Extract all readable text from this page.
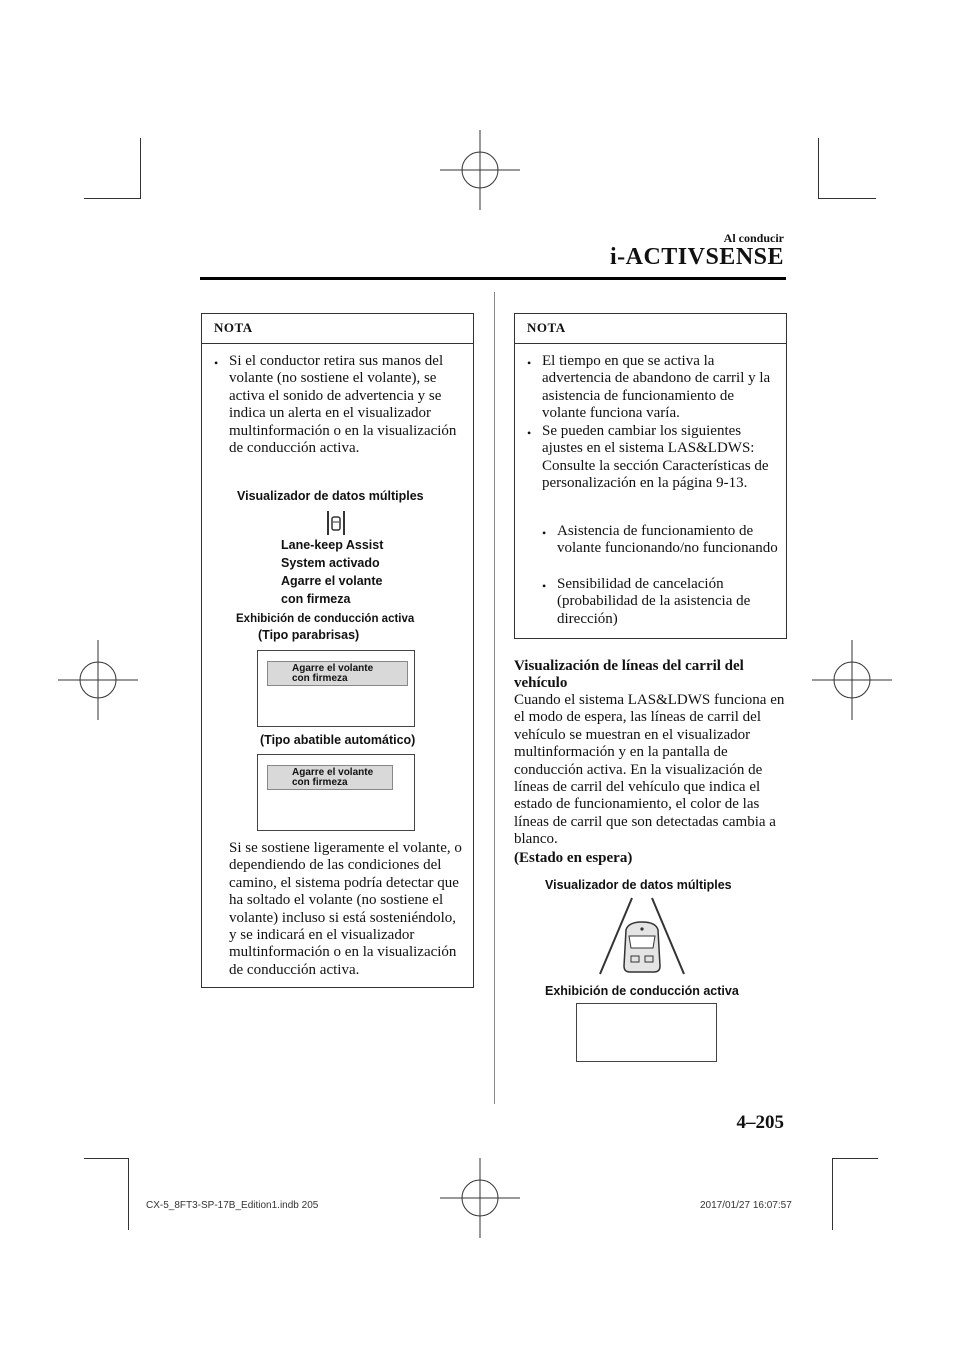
Al conducir
i-ACTIVSENSE
NOTA
• Si el conductor retira sus manos del volante (no sostiene el volante), se activa el sonido de advertencia y se indica un alerta en el visualizador multinformación o en la visualización de conducción activa.
Visualizador de datos múltiples
Lane-keep Assist
System activado
Agarre el volante
con firmeza
Exhibición de conducción activa
(Tipo parabrisas)
Agarre el volante
con firmeza
(Tipo abatible automático)
Agarre el volante
con firmeza
Si se sostiene ligeramente el volante, o dependiendo de las condiciones del camino, el sistema podría detectar que ha soltado el volante (no sostiene el volante) incluso si está sosteniéndolo, y se indicará en el visualizador multinformación o en la visualización de conducción activa.
NOTA
• El tiempo en que se activa la advertencia de abandono de carril y la asistencia de funcionamiento de volante funciona varía.
• Se pueden cambiar los siguientes ajustes en el sistema LAS&LDWS: Consulte la sección Características de personalización en la página 9-13.
• Asistencia de funcionamiento de volante funcionando/no funcionando
• Sensibilidad de cancelación (probabilidad de la asistencia de dirección)
Visualización de líneas del carril del vehículo
Cuando el sistema LAS&LDWS funciona en el modo de espera, las líneas de carril del vehículo se muestran en el visualizador multinformación y en la pantalla de conducción activa. En la visualización de líneas de carril del vehículo que indica el estado de funcionamiento, el color de las líneas de carril que son detectadas cambia a blanco.
(Estado en espera)
Visualizador de datos múltiples
Exhibición de conducción activa
4–205
CX-5_8FT3-SP-17B_Edition1.indb 205	2017/01/27 16:07:57
